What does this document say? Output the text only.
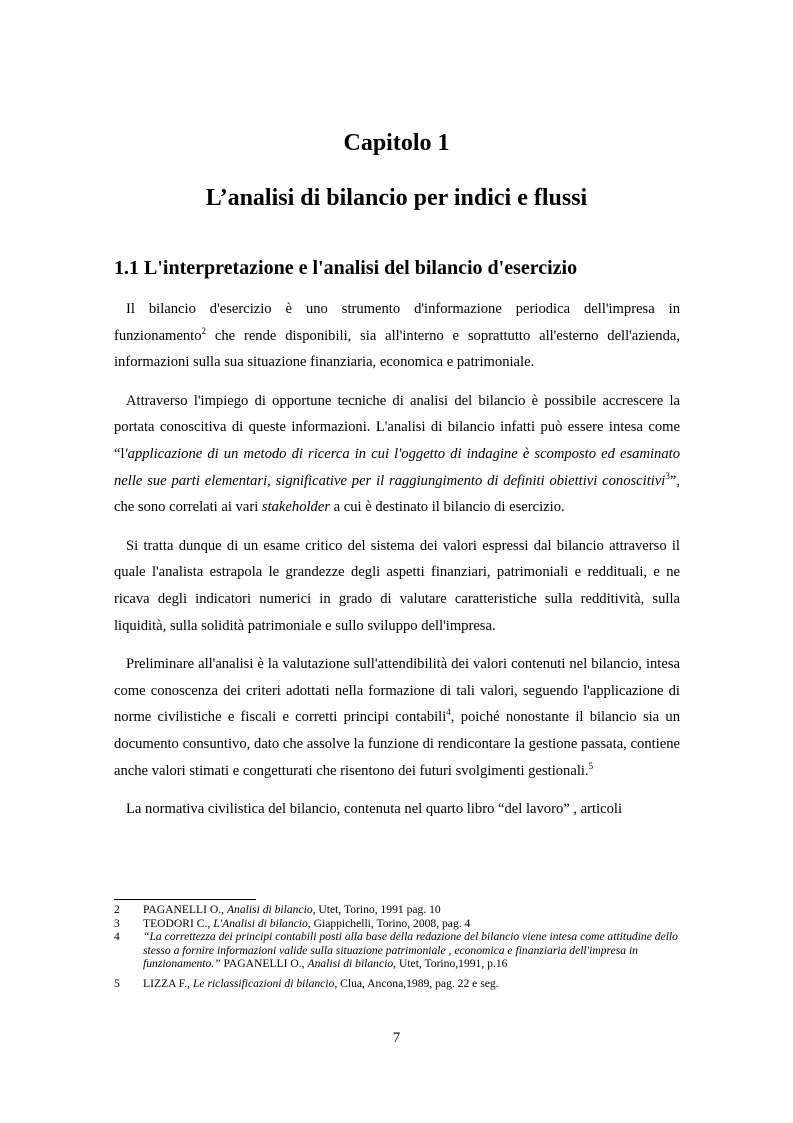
Capitolo 1
L’analisi di bilancio per indici e flussi
1.1 L'interpretazione e l'analisi del bilancio d'esercizio

Il bilancio d'esercizio è uno strumento d'informazione periodica dell'impresa in funzionamento$^2$ che rende disponibili, sia all'interno e soprattutto all'esterno dell'azienda, informazioni sulla sua situazione finanziaria, economica e patrimoniale.

Attraverso l'impiego di opportune tecniche di analisi del bilancio è possibile accrescere la portata conoscitiva di queste informazioni. L'analisi di bilancio infatti può essere intesa come “l'applicazione di un metodo di ricerca in cui l'oggetto di indagine è scomposto ed esaminato nelle sue parti elementari, significative per il raggiungimento di definiti obiettivi conoscitivi$^3$”, che sono correlati ai vari stakeholder a cui è destinato il bilancio di esercizio.

Si tratta dunque di un esame critico del sistema dei valori espressi dal bilancio attraverso il quale l'analista estrapola le grandezze degli aspetti finanziari, patrimoniali e reddituali, e ne ricava degli indicatori numerici in grado di valutare caratteristiche sulla redditività, sulla liquidità, sulla solidità patrimoniale e sullo sviluppo dell'impresa.

Preliminare all'analisi è la valutazione sull'attendibilità dei valori contenuti nel bilancio, intesa come conoscenza dei criteri adottati nella formazione di tali valori, seguendo l'applicazione di norme civilistiche e fiscali e corretti principi contabili$^4$, poiché nonostante il bilancio sia un documento consuntivo, dato che assolve la funzione di rendicontare la gestione passata, contiene anche valori stimati e congetturati che risentono dei futuri svolgimenti gestionali.$^5$

La normativa civilistica del bilancio, contenuta nel quarto libro “del lavoro” , articoli

2	PAGANELLI O., Analisi di bilancio, Utet, Torino, 1991 pag. 10
3	TEODORI C., L'Analisi di bilancio, Giappichelli, Torino, 2008, pag. 4
4	“La correttezza dei principi contabili posti alla base della redazione del bilancio viene intesa come attitudine dello stesso a fornire informazioni valide sulla situazione patrimoniale , economica e finanziaria dell'impresa in funzionamento.” PAGANELLI O., Analisi di bilancio, Utet, Torino,1991, p.16
5	LIZZA F., Le riclassificazioni di bilancio, Clua, Ancona,1989, pag. 22 e seg.

7
